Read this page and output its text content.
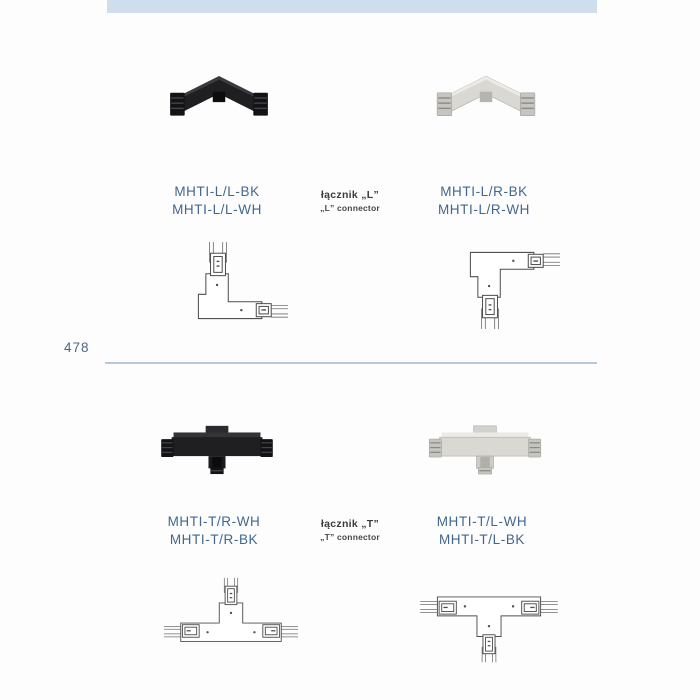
MHTI-L/L-BK
MHTI-L/L-WH
łącznik „L”
„L” connector
MHTI-L/R-BK
MHTI-L/R-WH
478
MHTI-T/R-WH
MHTI-T/R-BK
łącznik „T”
„T” connector
MHTI-T/L-WH
MHTI-T/L-BK
